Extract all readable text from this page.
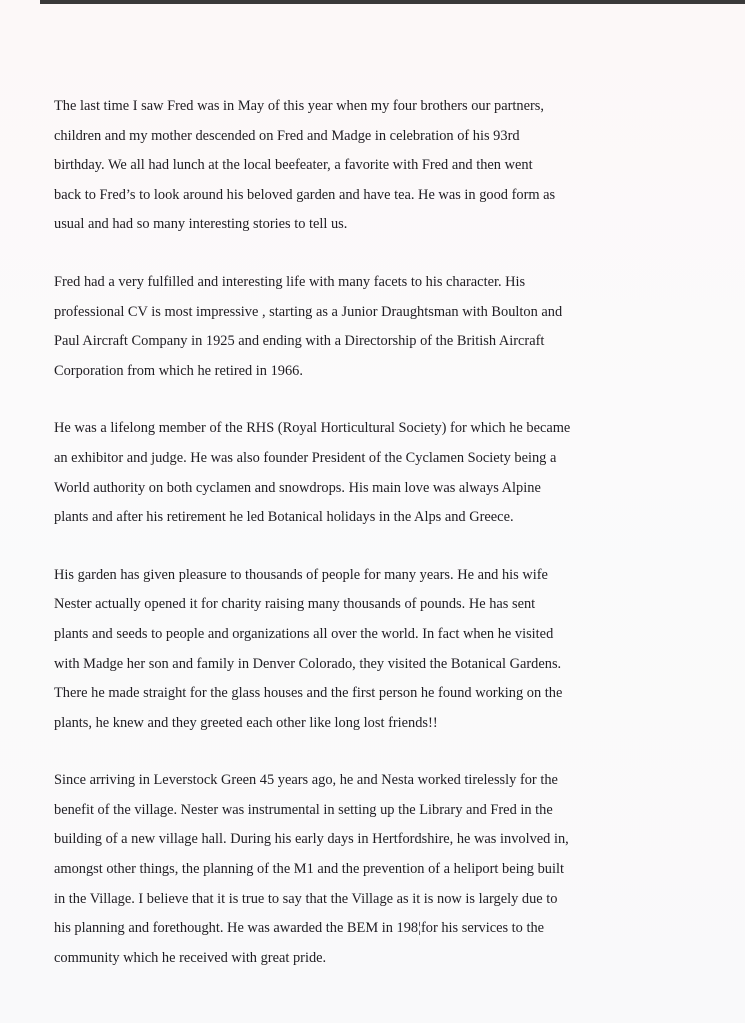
The last time I saw Fred was in May of this year when my four brothers our partners,
children and my mother descended on Fred and Madge in celebration of his 93rd
birthday. We all had lunch at the local beefeater, a favorite with Fred and then went
back to Fred’s to look around his beloved garden and have tea. He was in good form as
usual and had so many interesting stories to tell us.
Fred had a very fulfilled and interesting life with many facets to his character. His
professional CV is most impressive , starting as a Junior Draughtsman with Boulton and
Paul Aircraft Company in 1925 and ending with a Directorship of the British Aircraft
Corporation from which he retired in 1966.
He was a lifelong member of the RHS (Royal Horticultural Society) for which he became
an exhibitor and judge. He was also founder President of the Cyclamen Society being a
World authority on both cyclamen and snowdrops. His main love was always Alpine
plants and after his retirement he led Botanical holidays in the Alps and Greece.
His garden has given pleasure to thousands of people for many years. He and his wife
Nester actually opened it for charity raising many thousands of pounds. He has sent
plants and seeds to people and organizations all over the world. In fact when he visited
with Madge her son and family in Denver Colorado, they visited the Botanical Gardens.
There he made straight for the glass houses and the first person he found working on the
plants, he knew and they greeted each other like long lost friends!!
Since arriving in Leverstock Green 45 years ago, he and Nesta worked tirelessly for the
benefit of the village. Nester was instrumental in setting up the Library and Fred in the
building of a new village hall. During his early days in Hertfordshire, he was involved in,
amongst other things, the planning of the M1 and the prevention of a heliport being built
in the Village. I believe that it is true to say that the Village as it is now is largely due to
his planning and forethought. He was awarded the BEM in 198¦for his services to the
community which he received with great pride.
